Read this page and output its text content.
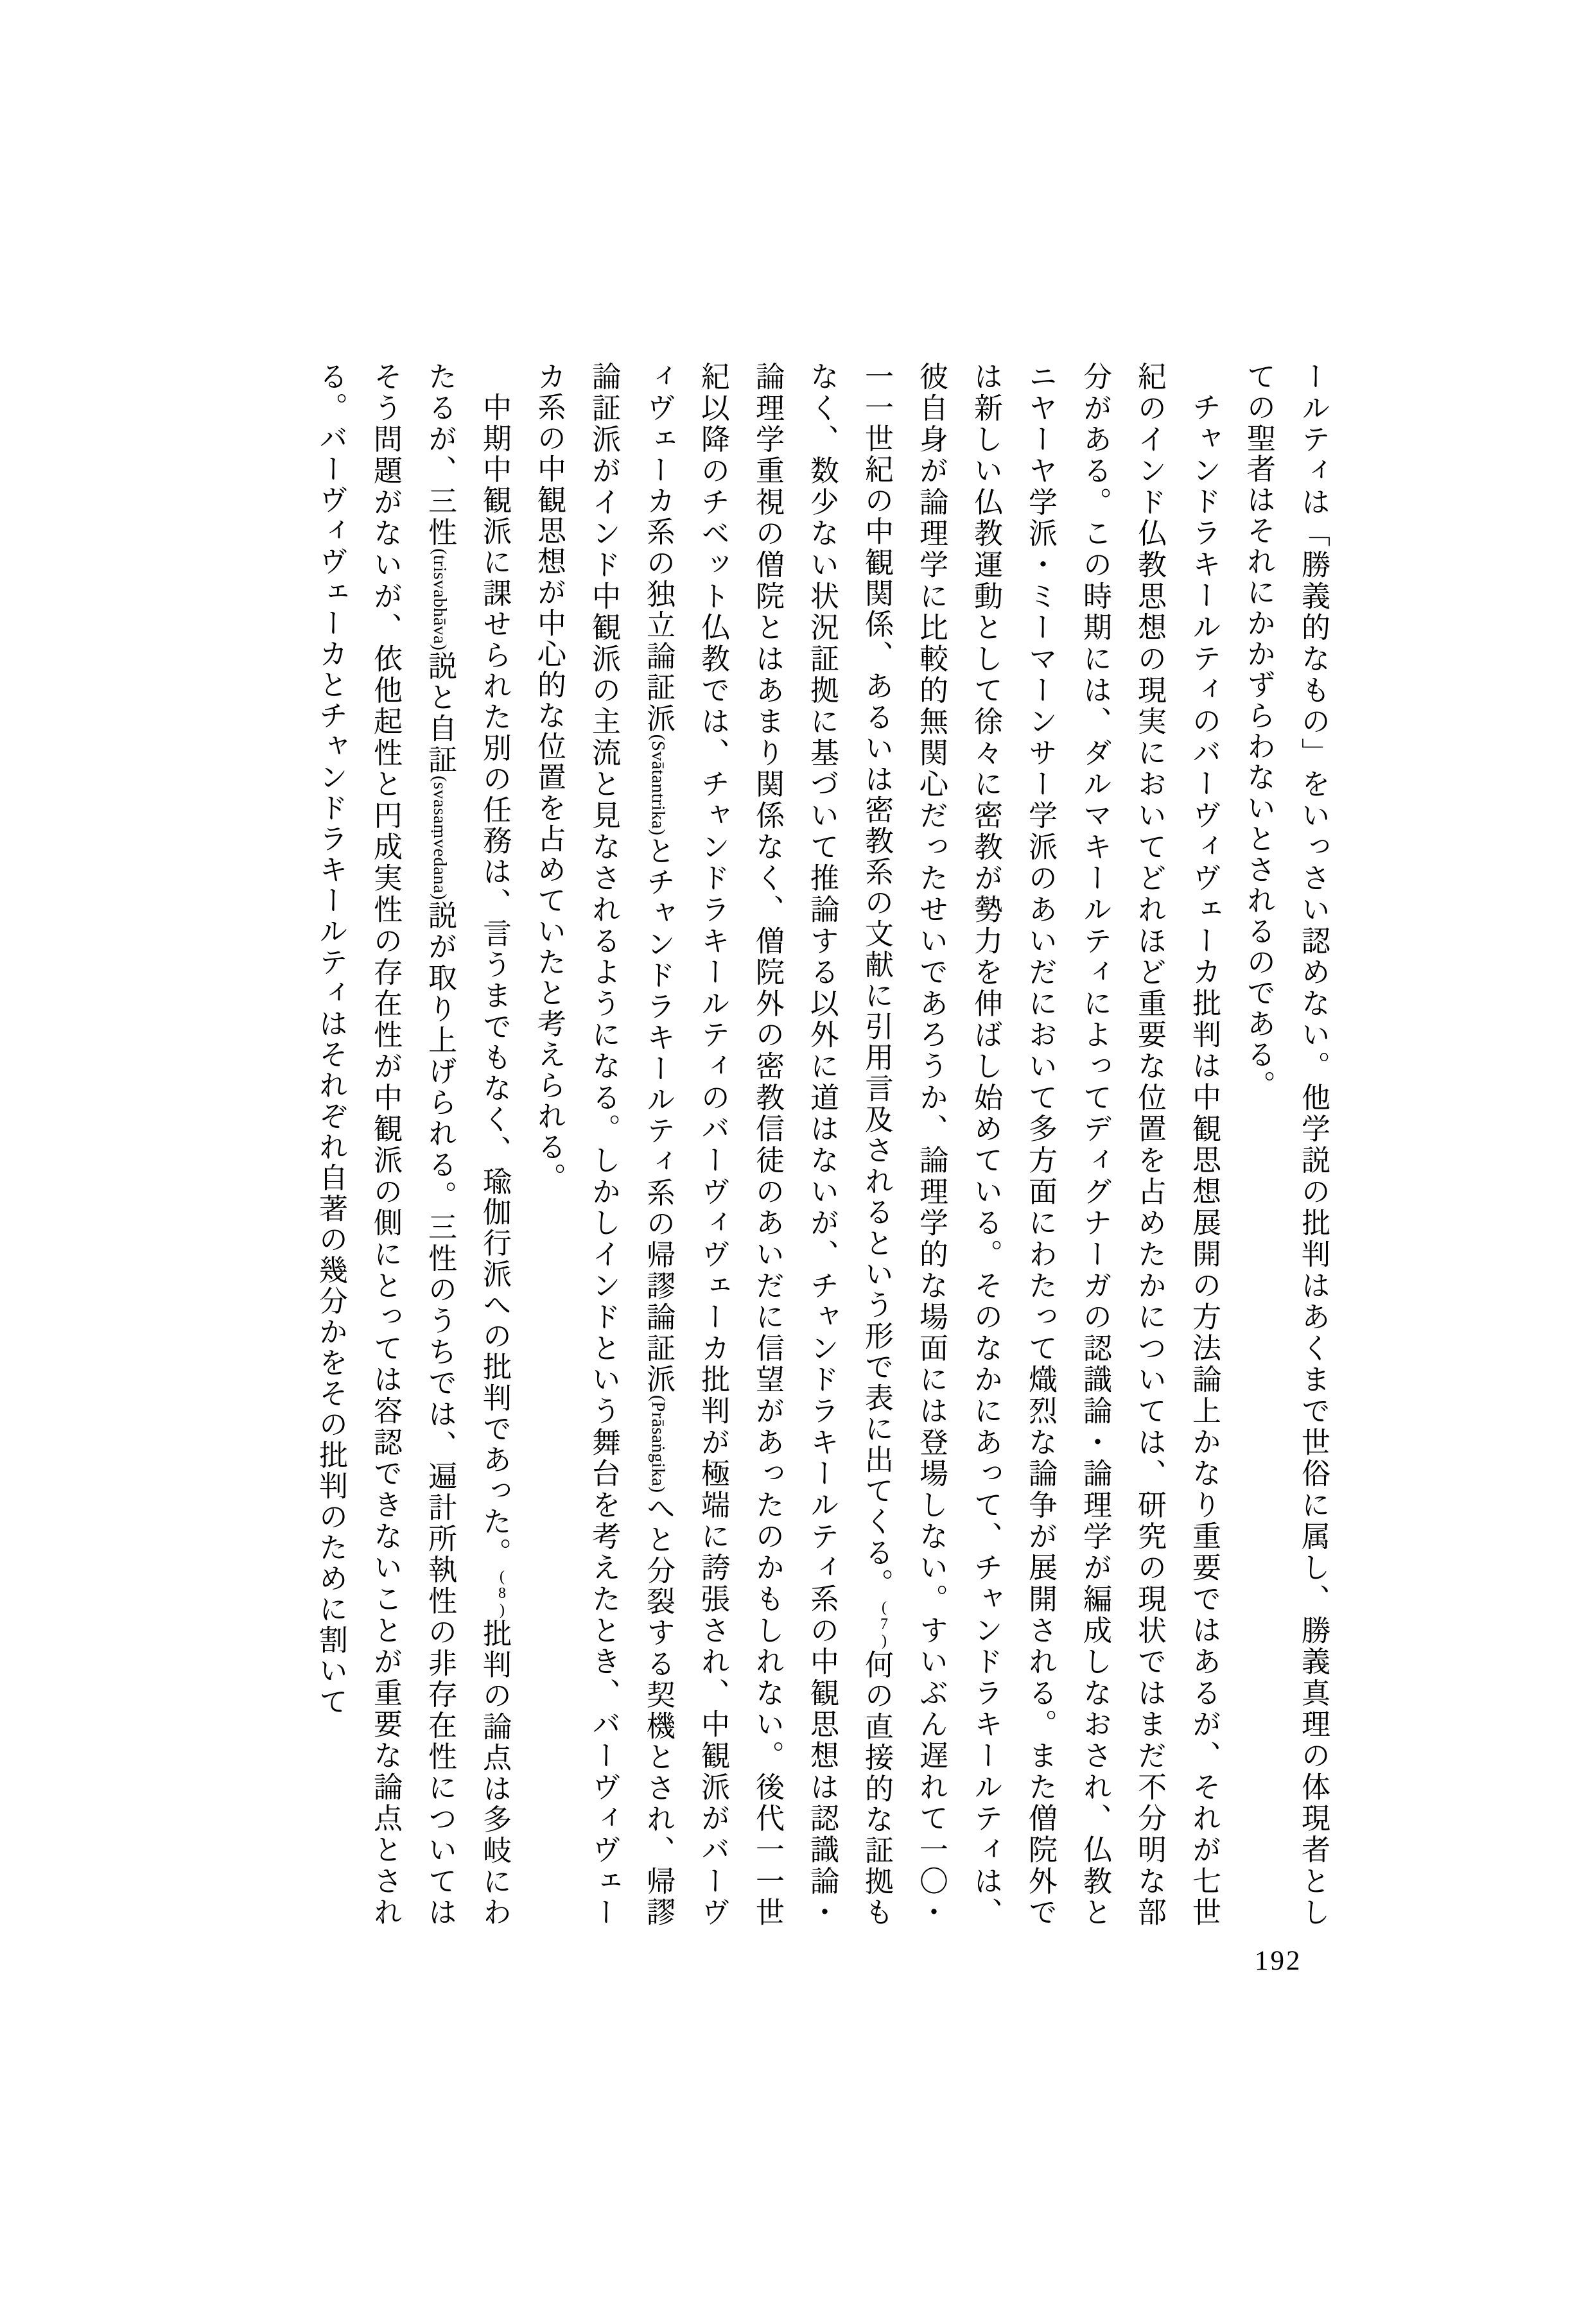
ールティは「勝義的なもの」をいっさい認めない。他学説の批判はあくまで世俗に属し、勝義真理の体現者としての聖者はそれにかかずらわないとされるのである。

チャンドラキールティのバーヴィヴェーカ批判は中観思想展開の方法論上かなり重要ではあるが、それが七世紀のインド仏教思想の現実においてどれほど重要な位置を占めたかについては、研究の現状ではまだ不分明な部分がある。この時期には、ダルマキールティによってディグナーガの認識論・論理学が編成しなおされ、仏教とニヤーヤ学派・ミーマーンサー学派のあいだにおいて多方面にわたって熾烈な論争が展開される。また僧院外では新しい仏教運動として徐々に密教が勢力を伸ばし始めている。そのなかにあって、チャンドラキールティは、彼自身が論理学に比較的無関心だったせいであろうか、論理学的な場面には登場しない。すいぶん遅れて一〇・一一世紀の中観関係、あるいは密教系の文献に引用言及されるという形で表に出てくる。(7)何の直接的な証拠もなく、数少ない状況証拠に基づいて推論する以外に道はないが、チャンドラキールティ系の中観思想は認識論・論理学重視の僧院とはあまり関係なく、僧院外の密教信徒のあいだに信望があったのかもしれない。後代一一世紀以降のチベット仏教では、チャンドラキールティのバーヴィヴェーカ批判が極端に誇張され、中観派がバーヴィヴェーカ系の独立論証派(Svātantrika)とチャンドラキールティ系の帰謬論証派(Prāsaṅgika)へと分裂する契機とされ、帰謬論証派がインド中観派の主流と見なされるようになる。しかしインドという舞台を考えたとき、バーヴィヴェーカ系の中観思想が中心的な位置を占めていたと考えられる。

中期中観派に課せられた別の任務は、言うまでもなく、瑜伽行派への批判であった。(8)批判の論点は多岐にわたるが、三性(trisvabhāva)説と自証(svasaṃvedana)説が取り上げられる。三性のうちでは、遍計所執性の非存在性についてはそう問題がないが、依他起性と円成実性の存在性が中観派の側にとっては容認できないことが重要な論点とされる。バーヴィヴェーカとチャンドラキールティはそれぞれ自著の幾分かをその批判のために割いて

192
